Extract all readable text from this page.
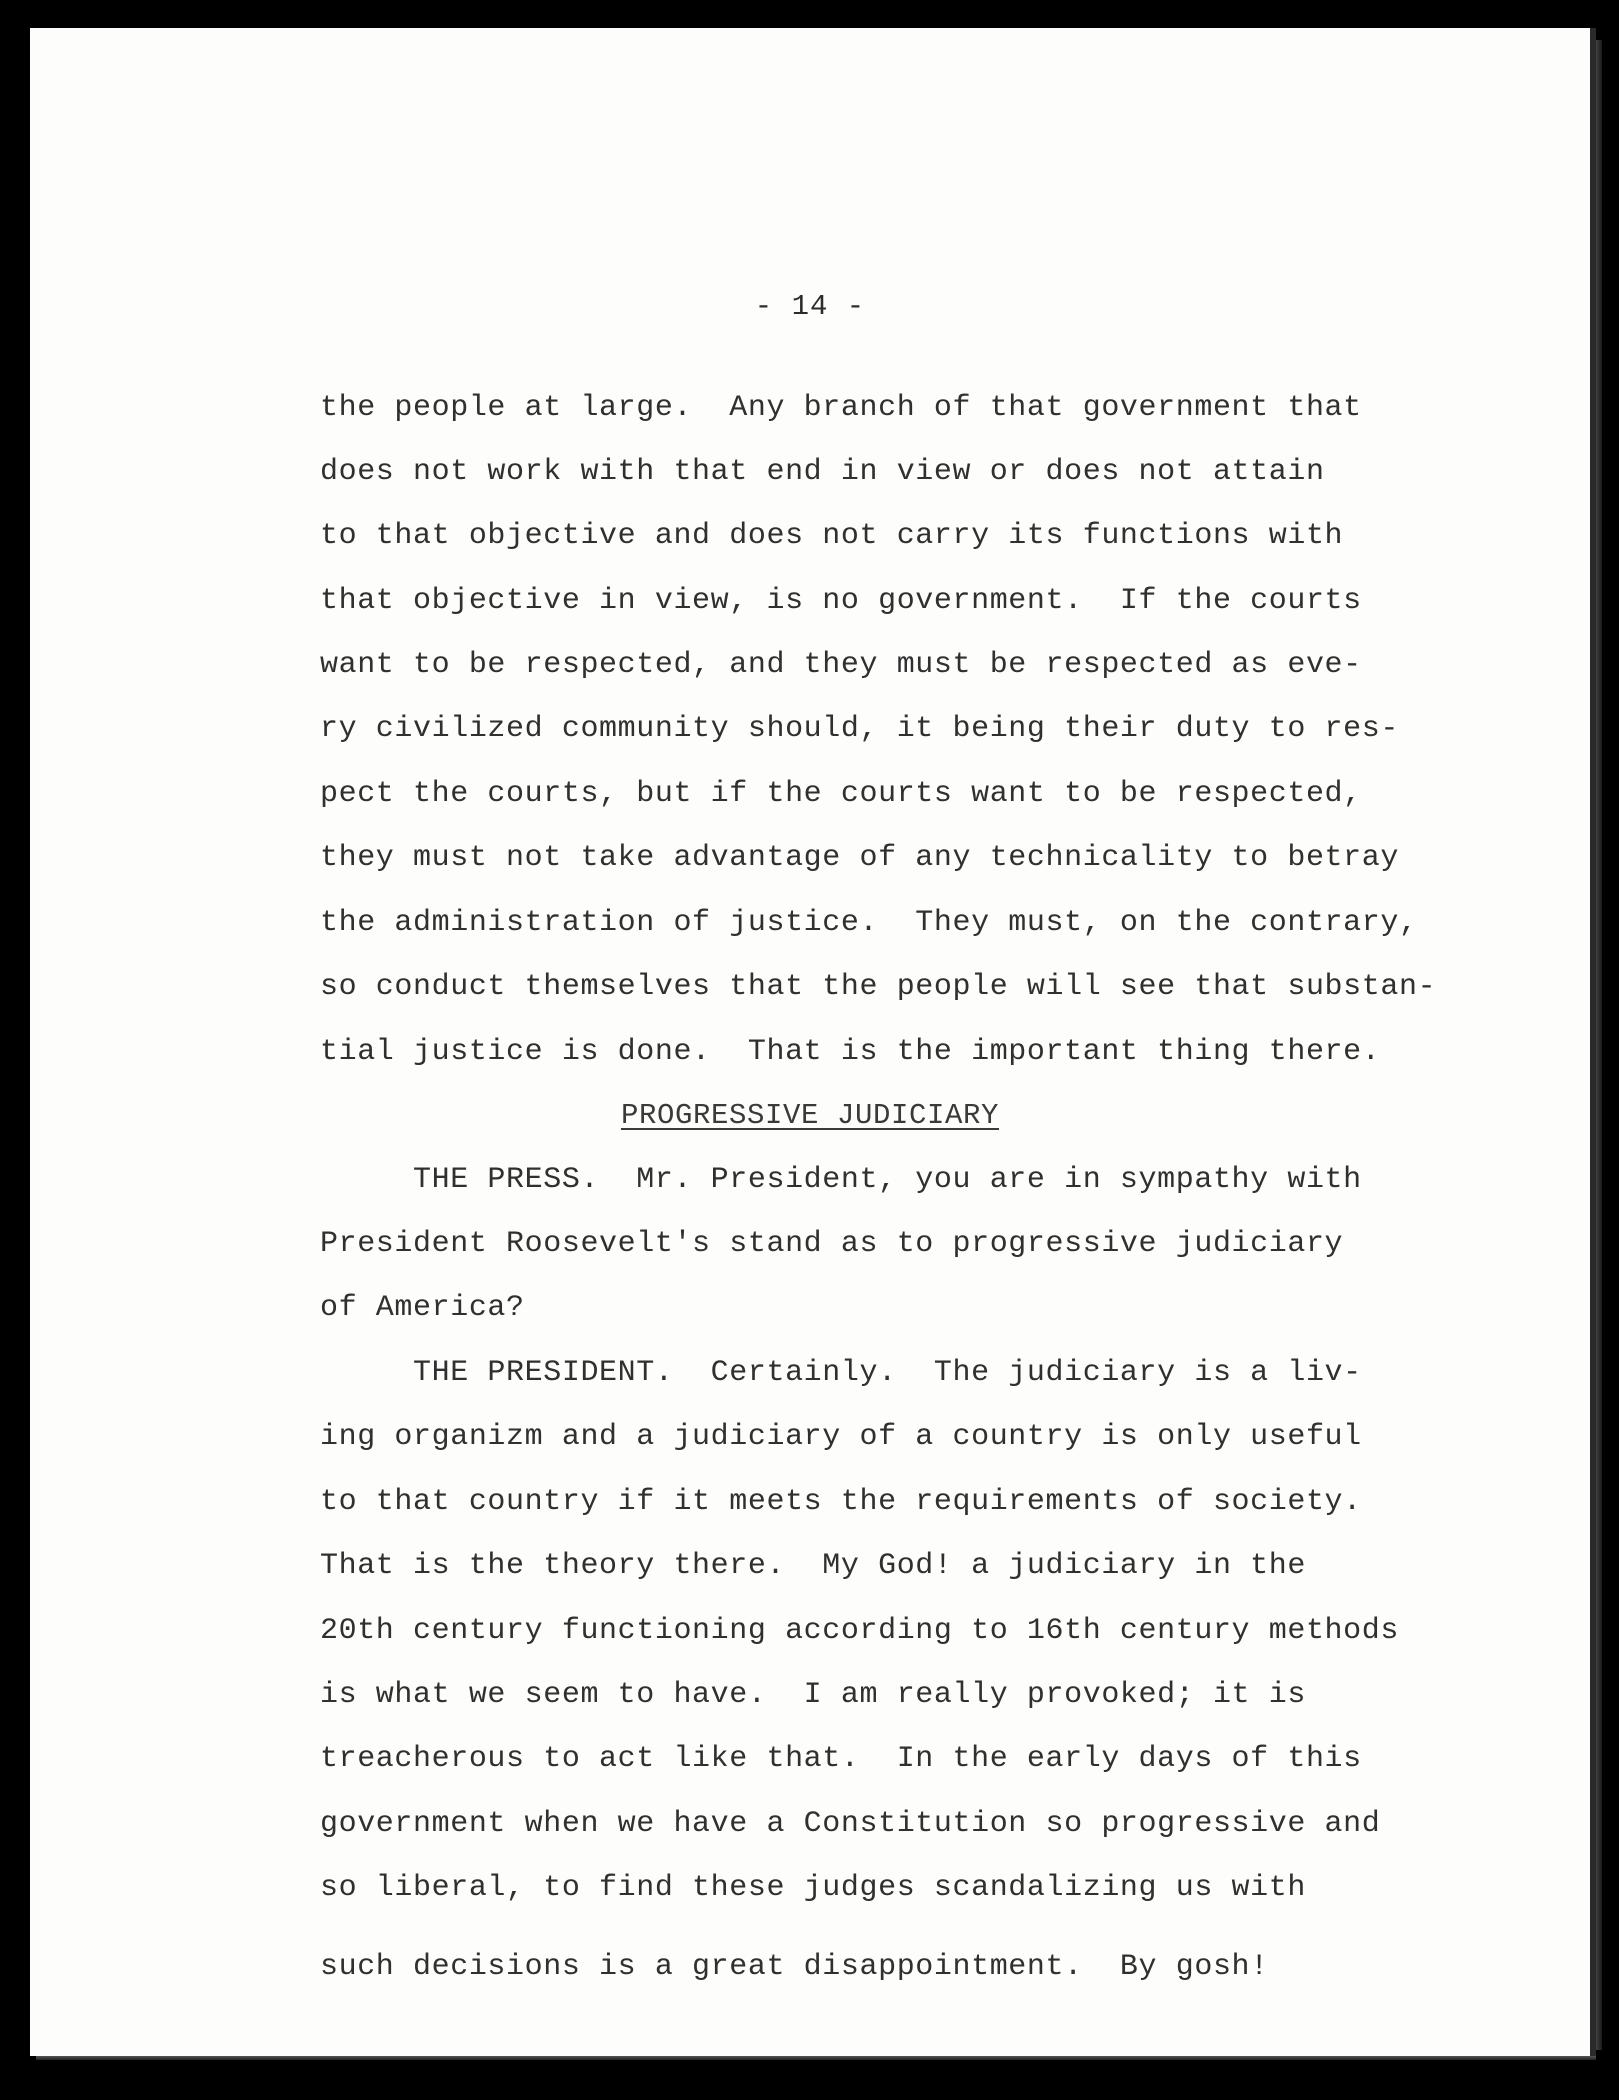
- 14 -

the people at large.  Any branch of that government that

does not work with that end in view or does not attain

to that objective and does not carry its functions with

that objective in view, is no government.  If the courts

want to be respected, and they must be respected as eve-

ry civilized community should, it being their duty to res-

pect the courts, but if the courts want to be respected,

they must not take advantage of any technicality to betray

the administration of justice.  They must, on the contrary,

so conduct themselves that the people will see that substan-

tial justice is done.  That is the important thing there.

PROGRESSIVE JUDICIARY

THE PRESS.  Mr. President, you are in sympathy with

President Roosevelt's stand as to progressive judiciary

of America?

THE PRESIDENT.  Certainly.  The judiciary is a liv-

ing organizm and a judiciary of a country is only useful

to that country if it meets the requirements of society.

That is the theory there.  My God! a judiciary in the

20th century functioning according to 16th century methods

is what we seem to have.  I am really provoked; it is

treacherous to act like that.  In the early days of this

government when we have a Constitution so progressive and

so liberal, to find these judges scandalizing us with

such decisions is a great disappointment.  By gosh!
